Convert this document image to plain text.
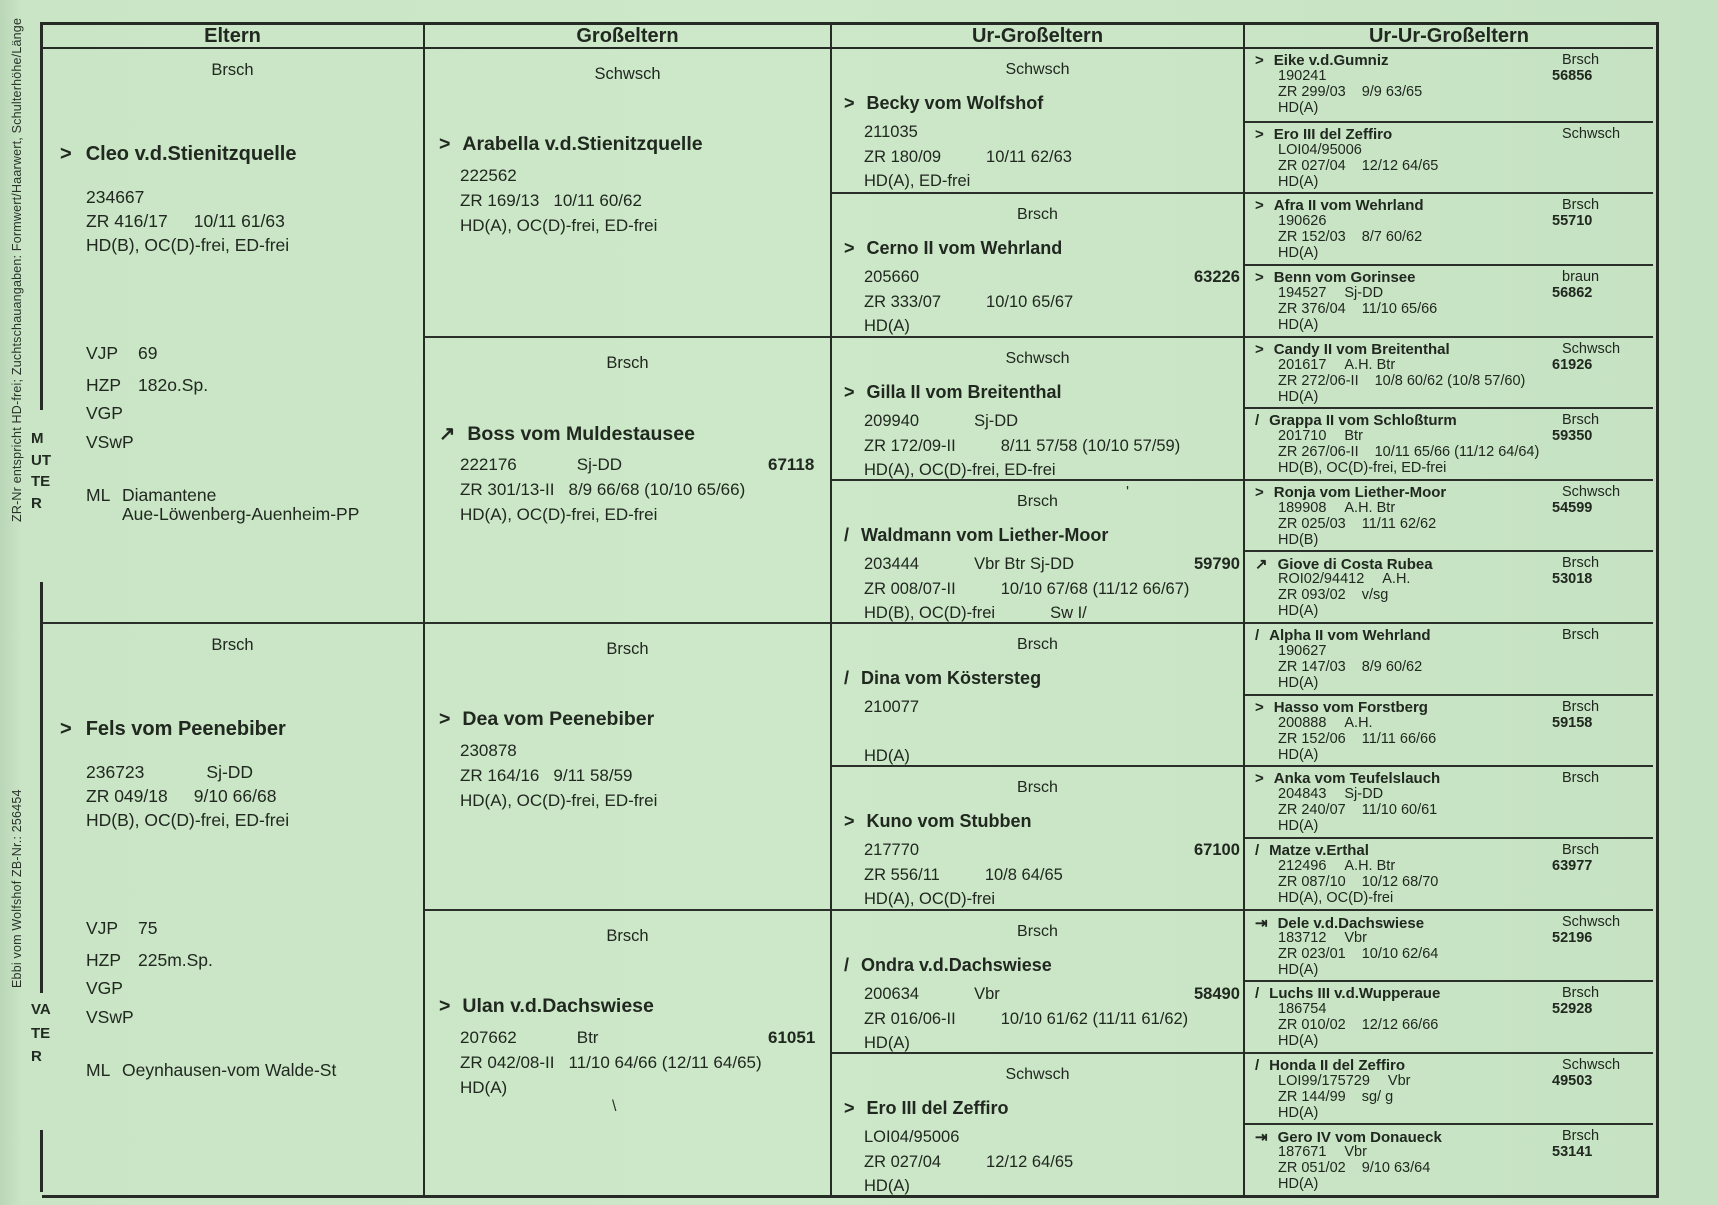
ZR-Nr entspricht HD-frei; Zuchtschauangaben: Formwert/Haarwert, Schulterhöhe/Länge
Ebbi vom Wolfshof ZB-Nr.: 256454
MUTTER
VATER
Eltern
Brsch
> Cleo v.d.Stienitzquelle
234667
ZR 416/17 10/11 61/63
HD(B), OC(D)-frei, ED-frei
VJP 69
HZP 182o.Sp.
VGP
VSwP
ML Diamantene
Aue-Löwenberg-Auenheim-PP
Brsch
> Fels vom Peenebiber
236723	Sj-DD
ZR 049/18 9/10 66/68
HD(B), OC(D)-frei, ED-frei
VJP 75
HZP 225m.Sp.
VGP
VSwP
ML Oeynhausen-vom Walde-St
Großeltern
Schwsch
> Arabella v.d.Stienitzquelle
222562
ZR 169/13 10/11 60/62
HD(A), OC(D)-frei, ED-frei
Brsch
↗ Boss vom Muldestausee
222176	Sj-DD	67118
ZR 301/13-II 8/9 66/68 (10/10 65/66)
HD(A), OC(D)-frei, ED-frei
Brsch
> Dea vom Peenebiber
230878
ZR 164/16 9/11 58/59
HD(A), OC(D)-frei, ED-frei
Brsch
> Ulan v.d.Dachswiese
207662	Btr	61051
ZR 042/08-II 11/10 64/66 (12/11 64/65)
HD(A)
Ur-Großeltern
Schwsch
> Becky vom Wolfshof
211035
ZR 180/09	10/11 62/63
HD(A), ED-frei
Brsch
> Cerno II vom Wehrland
205660	63226
ZR 333/07	10/10 65/67
HD(A)
Schwsch
> Gilla II vom Breitenthal
209940	Sj-DD
ZR 172/09-II	8/11 57/58 (10/10 57/59)
HD(A), OC(D)-frei, ED-frei
Brsch
/ Waldmann vom Liether-Moor
203444	Vbr Btr Sj-DD	59790
ZR 008/07-II	10/10 67/68 (11/12 66/67)
HD(B), OC(D)-frei	Sw I/
Brsch
/ Dina vom Köstersteg
210077
HD(A)
Brsch
> Kuno vom Stubben
217770	67100
ZR 556/11	10/8 64/65
HD(A), OC(D)-frei
Brsch
/ Ondra v.d.Dachswiese
200634	Vbr	58490
ZR 016/06-II	10/10 61/62 (11/11 61/62)
HD(A)
Schwsch
> Ero III del Zeffiro
LOI04/95006
ZR 027/04	12/12 64/65
HD(A)
Ur-Ur-Großeltern
> Eike v.d.Gumniz	Brsch
190241	56856
ZR 299/03 9/9 63/65
HD(A)
> Ero III del Zeffiro	Schwsch
LOI04/95006
ZR 027/04 12/12 64/65
HD(A)
> Afra II vom Wehrland	Brsch
190626	55710
ZR 152/03 8/7 60/62
HD(A)
> Benn vom Gorinsee	braun
194527 Sj-DD	56862
ZR 376/04 11/10 65/66
HD(A)
> Candy II vom Breitenthal	Schwsch
201617 A.H. Btr	61926
ZR 272/06-II 10/8 60/62 (10/8 57/60)
HD(A)
/ Grappa II vom Schloßturm	Brsch
201710 Btr	59350
ZR 267/06-II 10/11 65/66 (11/12 64/64)
HD(B), OC(D)-frei, ED-frei
> Ronja vom Liether-Moor	Schwsch
189908 A.H. Btr	54599
ZR 025/03 11/11 62/62
HD(B)
↗ Giove di Costa Rubea	Brsch
ROI02/94412 A.H.	53018
ZR 093/02 v/sg
HD(A)
/ Alpha II vom Wehrland	Brsch
190627
ZR 147/03 8/9 60/62
HD(A)
> Hasso vom Forstberg	Brsch
200888 A.H.	59158
ZR 152/06 11/11 66/66
HD(A)
> Anka vom Teufelslauch	Brsch
204843 Sj-DD
ZR 240/07 11/10 60/61
HD(A)
/ Matze v.Erthal	Brsch
212496 A.H. Btr	63977
ZR 087/10 10/12 68/70
HD(A), OC(D)-frei
⇥ Dele v.d.Dachswiese	Schwsch
183712 Vbr	52196
ZR 023/01 10/10 62/64
HD(A)
/ Luchs III v.d.Wupperaue	Brsch
186754	52928
ZR 010/02 12/12 66/66
HD(A)
/ Honda II del Zeffiro	Schwsch
LOI99/175729 Vbr	49503
ZR 144/99 sg/ g
HD(A)
⇥ Gero IV vom Donaueck	Brsch
187671 Vbr	53141
ZR 051/02 9/10 63/64
HD(A)
\
'
